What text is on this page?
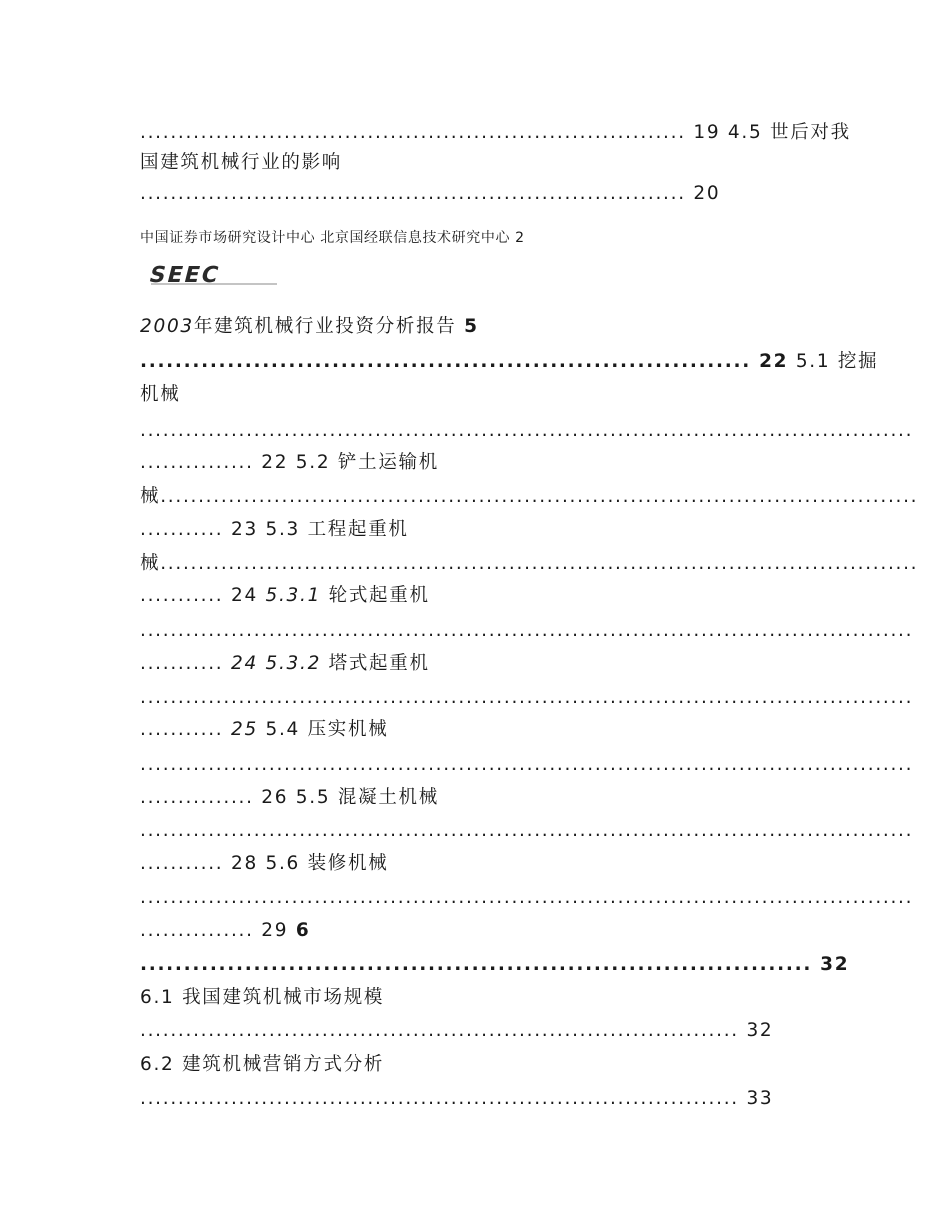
........................................................................ 19 4.5 世后对我

国建筑机械行业的影响

........................................................................ 20

中国证券市场研究设计中心 北京国经联信息技术研究中心 2

2003年建筑机械行业投资分析报告 5

...................................................................... 22 5.1 挖掘

机械

......................................................................................................

............... 22 5.2 铲土运输机

械....................................................................................................

........... 23 5.3 工程起重机

械....................................................................................................

........... 24 5.3.1 轮式起重机

......................................................................................................

........... 24 5.3.2 塔式起重机

......................................................................................................

........... 25 5.4 压实机械

......................................................................................................

............... 26 5.5 混凝土机械

......................................................................................................

........... 28 5.6 装修机械

......................................................................................................

............... 29 6

............................................................................. 32

6.1 我国建筑机械市场规模

............................................................................... 32

6.2 建筑机械营销方式分析

............................................................................... 33

SEEC
